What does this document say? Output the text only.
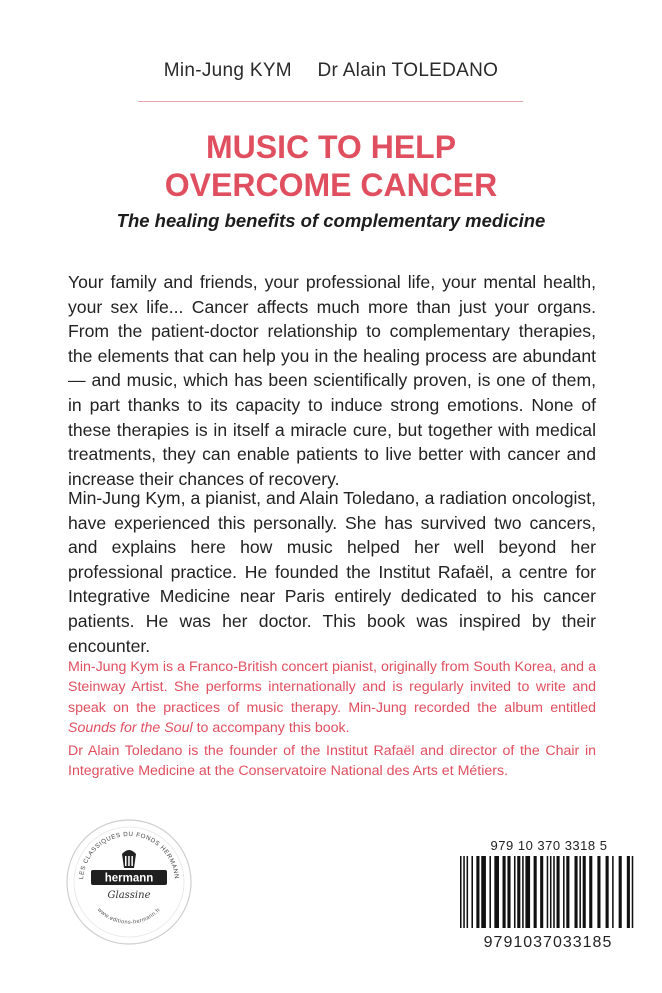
Min-Jung KYM Dr Alain TOLEDANO
MUSIC TO HELP
OVERCOME CANCER
The healing benefits of complementary medicine

Your family and friends, your professional life, your mental health, your sex life... Cancer affects much more than just your organs. From the patient-doctor relationship to complementary therapies, the elements that can help you in the healing process are abundant — and music, which has been scientifically proven, is one of them, in part thanks to its capacity to induce strong emotions. None of these therapies is in itself a miracle cure, but together with medical treatments, they can enable patients to live better with cancer and increase their chances of recovery.

Min-Jung Kym, a pianist, and Alain Toledano, a radiation oncologist, have experienced this personally. She has survived two cancers, and explains here how music helped her well beyond her professional practice. He founded the Institut Rafaël, a centre for Integrative Medicine near Paris entirely dedicated to his cancer patients. He was her doctor. This book was inspired by their encounter.

Min-Jung Kym is a Franco-British concert pianist, originally from South Korea, and a Steinway Artist. She performs internationally and is regularly invited to write and speak on the practices of music therapy. Min-Jung recorded the album entitled Sounds for the Soul to accompany this book.

Dr Alain Toledano is the founder of the Institut Rafaël and director of the Chair in Integrative Medicine at the Conservatoire National des Arts et Métiers.

LES CLASSIQUES DU FONDS HERMANN
hermann
Glassine
www.editions-hermann.fr
979 10 370 3318 5
9791037033185
